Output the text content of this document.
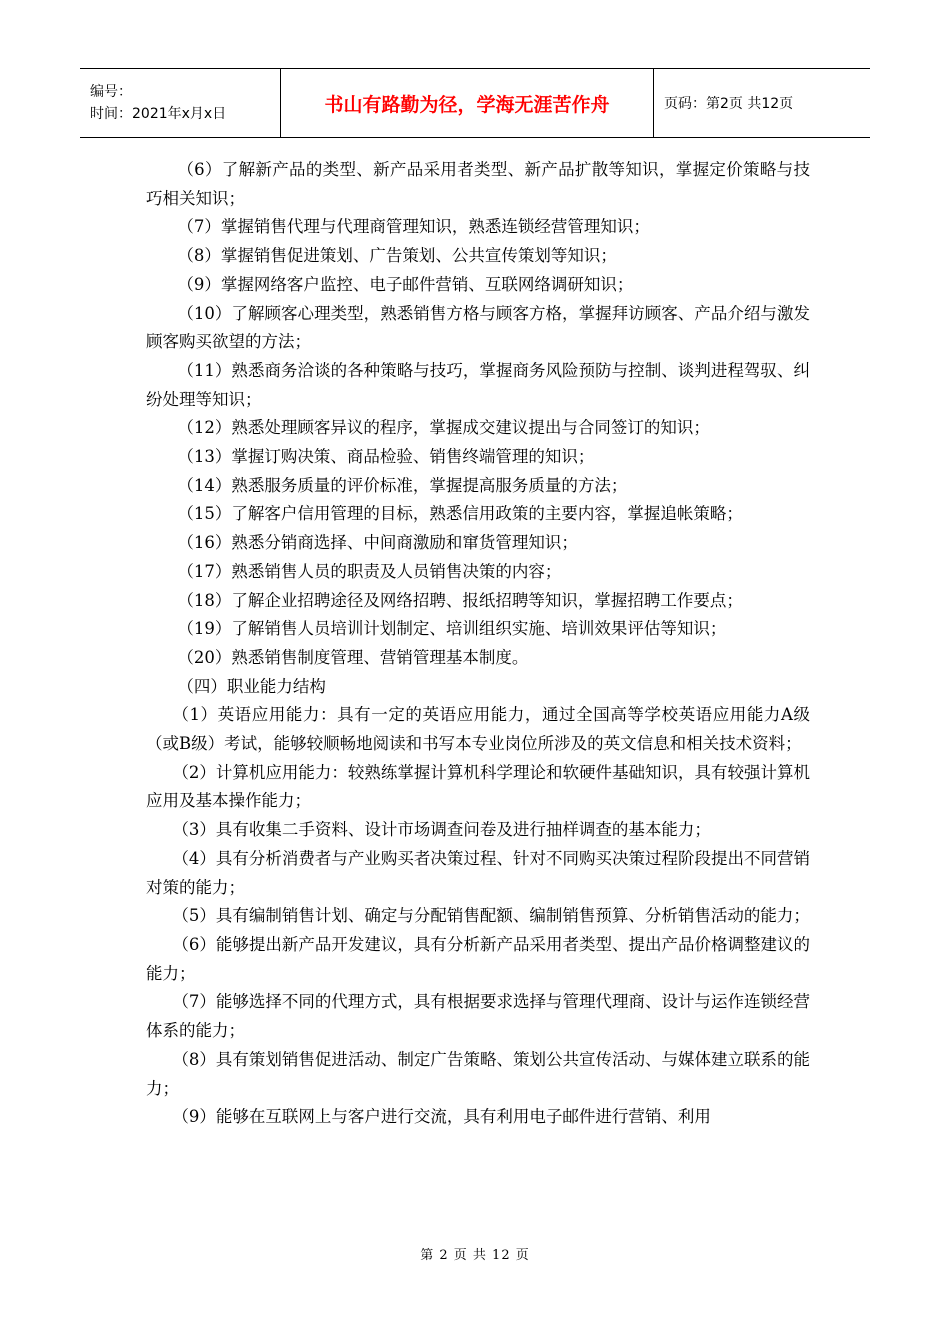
编号：
时间：2021年x月x日	书山有路勤为径，学海无涯苦作舟	页码：第2页 共12页

（6）了解新产品的类型、新产品采用者类型、新产品扩散等知识，掌握定价策略与技巧相关知识；

（7）掌握销售代理与代理商管理知识，熟悉连锁经营管理知识；

（8）掌握销售促进策划、广告策划、公共宣传策划等知识；

（9）掌握网络客户监控、电子邮件营销、互联网络调研知识；

（10）了解顾客心理类型，熟悉销售方格与顾客方格，掌握拜访顾客、产品介绍与激发顾客购买欲望的方法；

（11）熟悉商务洽谈的各种策略与技巧，掌握商务风险预防与控制、谈判进程驾驭、纠纷处理等知识；

（12）熟悉处理顾客异议的程序，掌握成交建议提出与合同签订的知识；

（13）掌握订购决策、商品检验、销售终端管理的知识；

（14）熟悉服务质量的评价标准，掌握提高服务质量的方法；

（15）了解客户信用管理的目标，熟悉信用政策的主要内容，掌握追帐策略；

（16）熟悉分销商选择、中间商激励和窜货管理知识；

（17）熟悉销售人员的职责及人员销售决策的内容；

（18）了解企业招聘途径及网络招聘、报纸招聘等知识，掌握招聘工作要点；

（19）了解销售人员培训计划制定、培训组织实施、培训效果评估等知识；

（20）熟悉销售制度管理、营销管理基本制度。

（四）职业能力结构

（1）英语应用能力：具有一定的英语应用能力，通过全国高等学校英语应用能力A级（或B级）考试，能够较顺畅地阅读和书写本专业岗位所涉及的英文信息和相关技术资料；

（2）计算机应用能力：较熟练掌握计算机科学理论和软硬件基础知识，具有较强计算机应用及基本操作能力；

（3）具有收集二手资料、设计市场调查问卷及进行抽样调查的基本能力；

（4）具有分析消费者与产业购买者决策过程、针对不同购买决策过程阶段提出不同营销对策的能力；

（5）具有编制销售计划、确定与分配销售配额、编制销售预算、分析销售活动的能力；

（6）能够提出新产品开发建议，具有分析新产品采用者类型、提出产品价格调整建议的能力；

（7）能够选择不同的代理方式，具有根据要求选择与管理代理商、设计与运作连锁经营体系的能力；

（8）具有策划销售促进活动、制定广告策略、策划公共宣传活动、与媒体建立联系的能力；

（9）能够在互联网上与客户进行交流，具有利用电子邮件进行营销、利用

第 2 页 共 12 页
